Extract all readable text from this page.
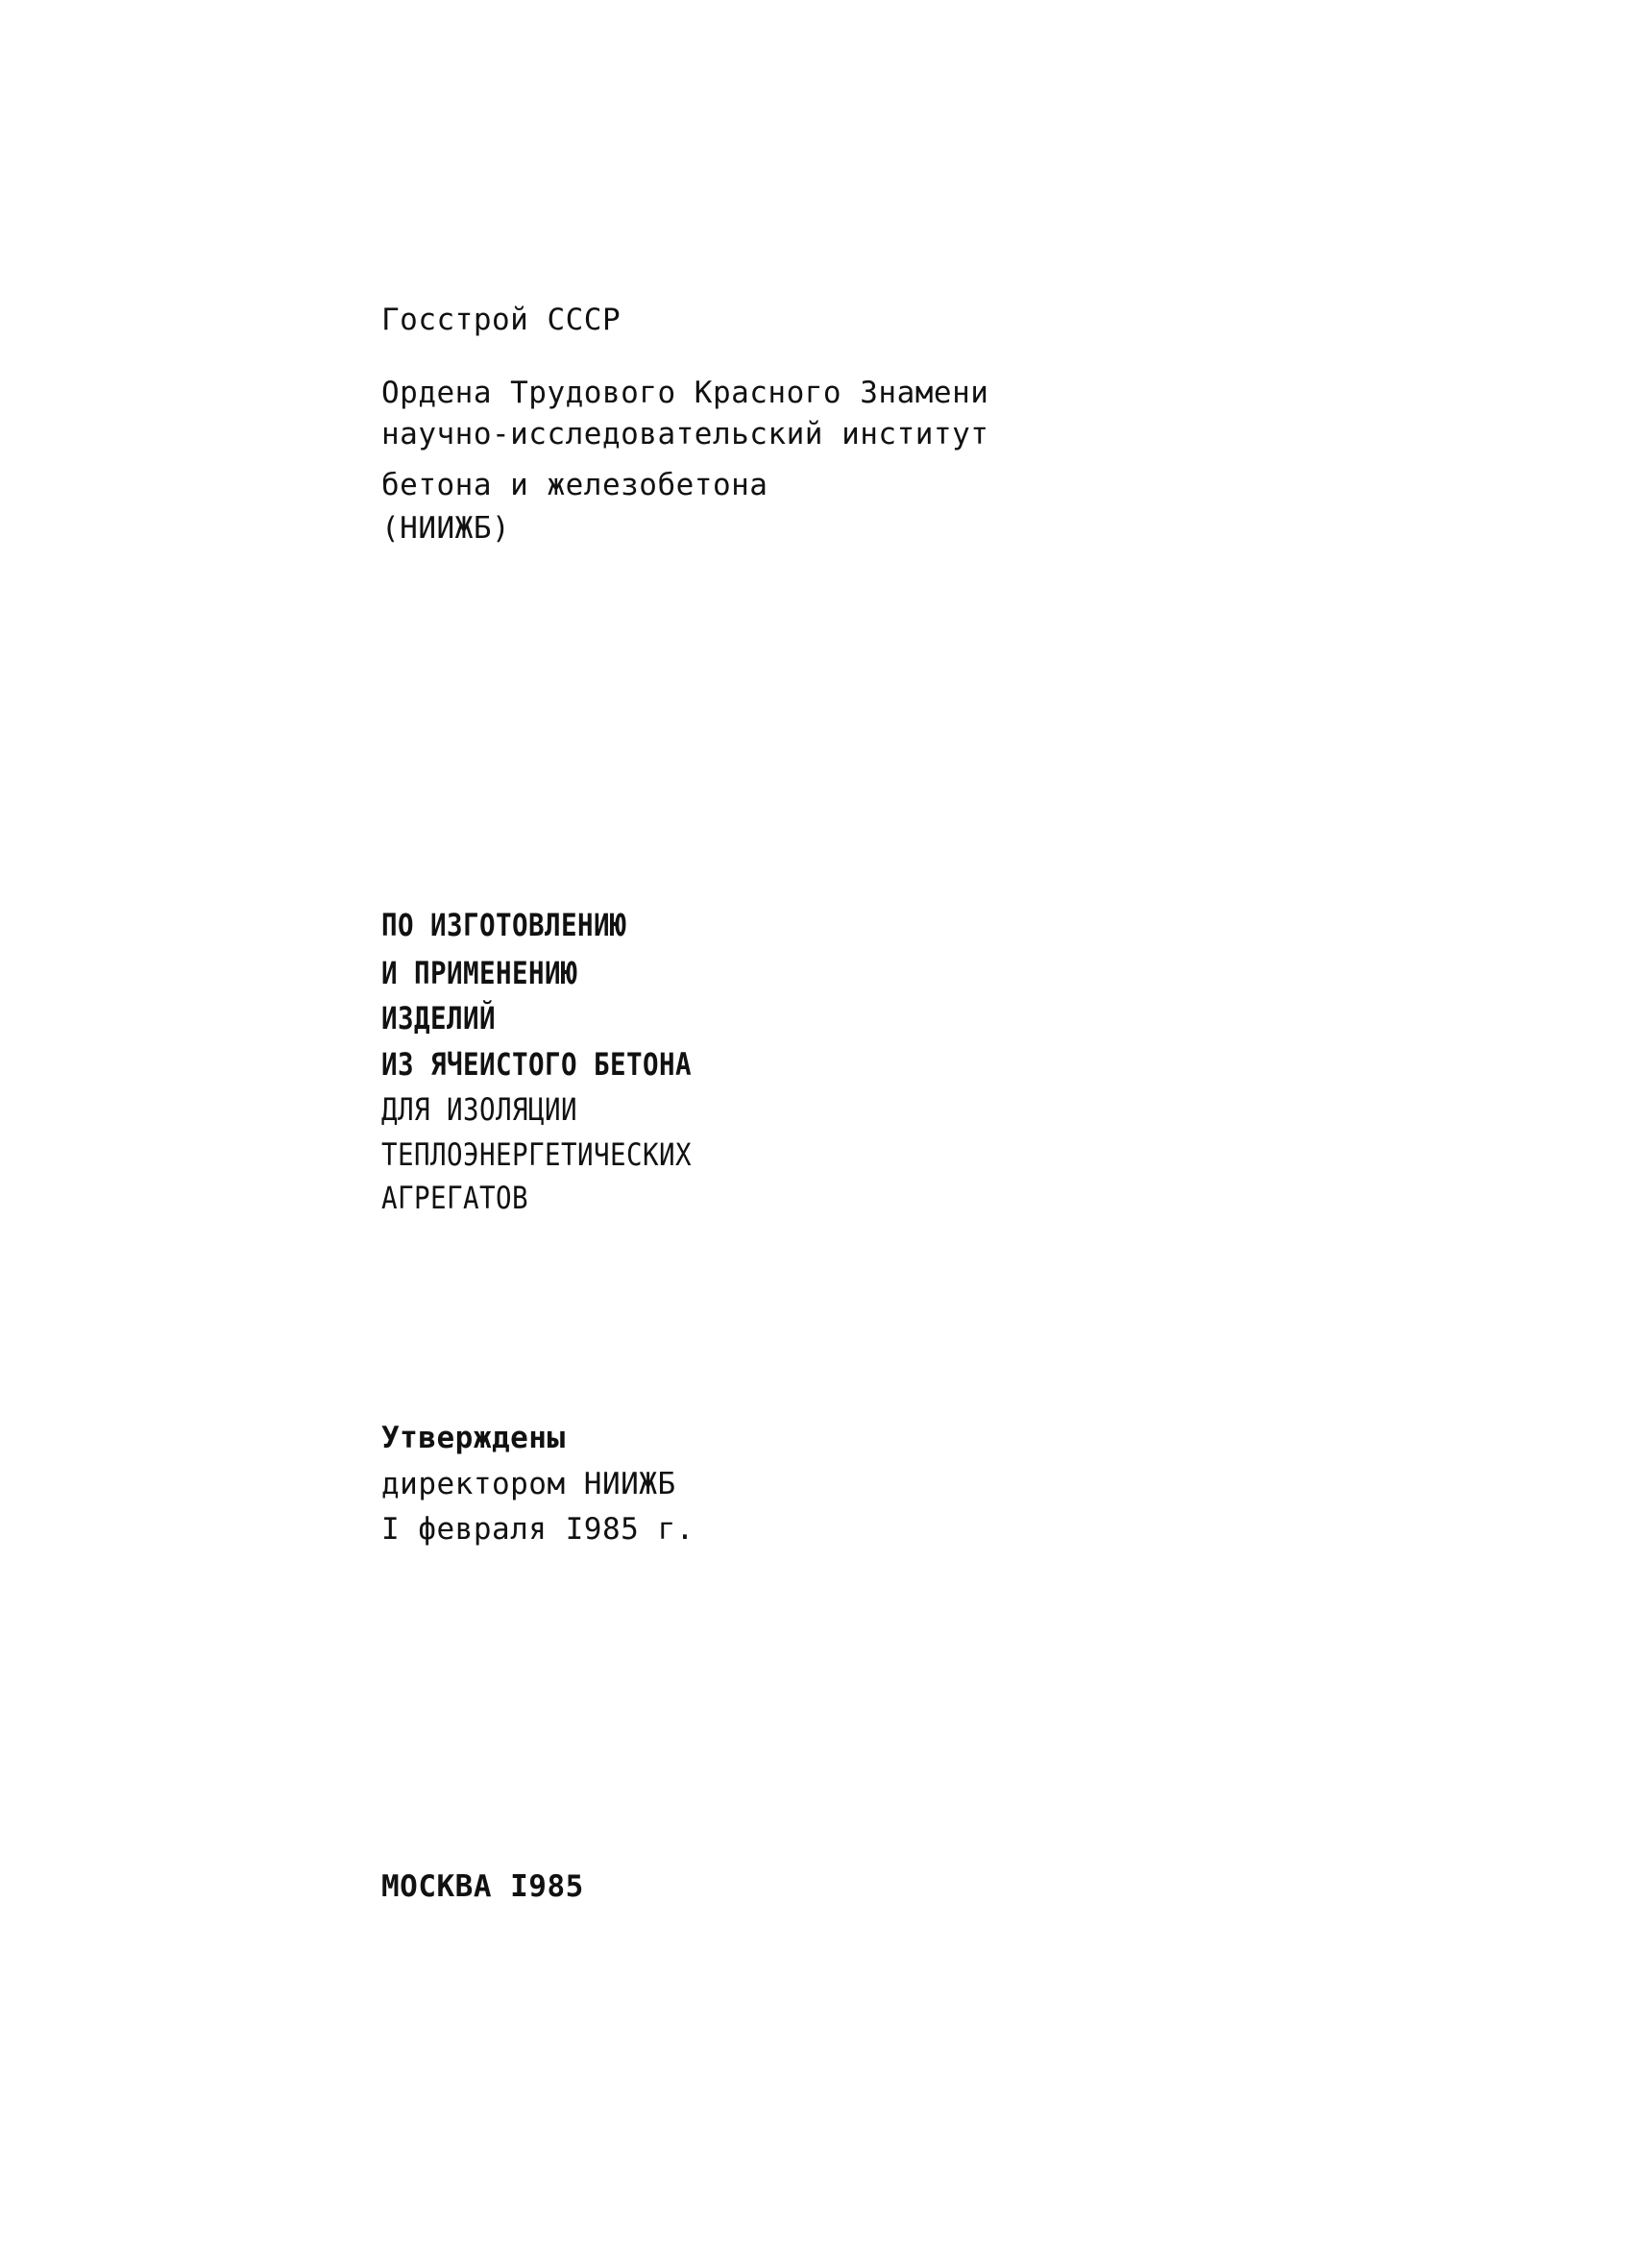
Госстрой СССР
Ордена Трудового Красного Знамени
научно-исследовательский институт
бетона и железобетона
(НИИЖБ)
ПО ИЗГОТОВЛЕНИЮ
И ПРИМЕНЕНИЮ
ИЗДЕЛИЙ
ИЗ ЯЧЕИСТОГО БЕТОНА
ДЛЯ ИЗОЛЯЦИИ
ТЕПЛОЭНЕРГЕТИЧЕСКИХ
АГРЕГАТОВ
Утверждены
директором НИИЖБ
I февраля I985 г.
МОСКВА I985
